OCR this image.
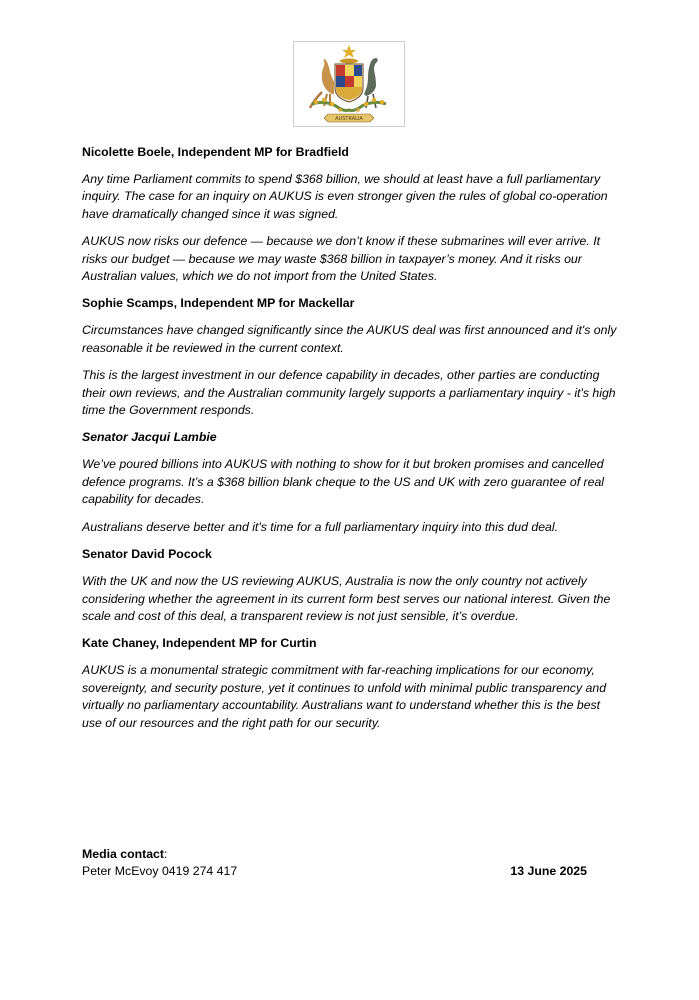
AUSTRALIA

Nicolette Boele, Independent MP for Bradfield

Any time Parliament commits to spend $368 billion, we should at least have a full parliamentary inquiry. The case for an inquiry on AUKUS is even stronger given the rules of global co-operation have dramatically changed since it was signed.

AUKUS now risks our defence — because we don’t know if these submarines will ever arrive. It risks our budget — because we may waste $368 billion in taxpayer’s money. And it risks our Australian values, which we do not import from the United States.

Sophie Scamps, Independent MP for Mackellar

Circumstances have changed significantly since the AUKUS deal was first announced and it's only reasonable it be reviewed in the current context.

This is the largest investment in our defence capability in decades, other parties are conducting their own reviews, and the Australian community largely supports a parliamentary inquiry - it's high time the Government responds.

Senator Jacqui Lambie

We’ve poured billions into AUKUS with nothing to show for it but broken promises and cancelled defence programs. It’s a $368 billion blank cheque to the US and UK with zero guarantee of real capability for decades.

Australians deserve better and it's time for a full parliamentary inquiry into this dud deal.

Senator David Pocock

With the UK and now the US reviewing AUKUS, Australia is now the only country not actively considering whether the agreement in its current form best serves our national interest. Given the scale and cost of this deal, a transparent review is not just sensible, it’s overdue.

Kate Chaney, Independent MP for Curtin

AUKUS is a monumental strategic commitment with far-reaching implications for our economy, sovereignty, and security posture, yet it continues to unfold with minimal public transparency and virtually no parliamentary accountability. Australians want to understand whether this is the best use of our resources and the right path for our security.

Media contact:
Peter McEvoy 0419 274 417	13 June 2025
